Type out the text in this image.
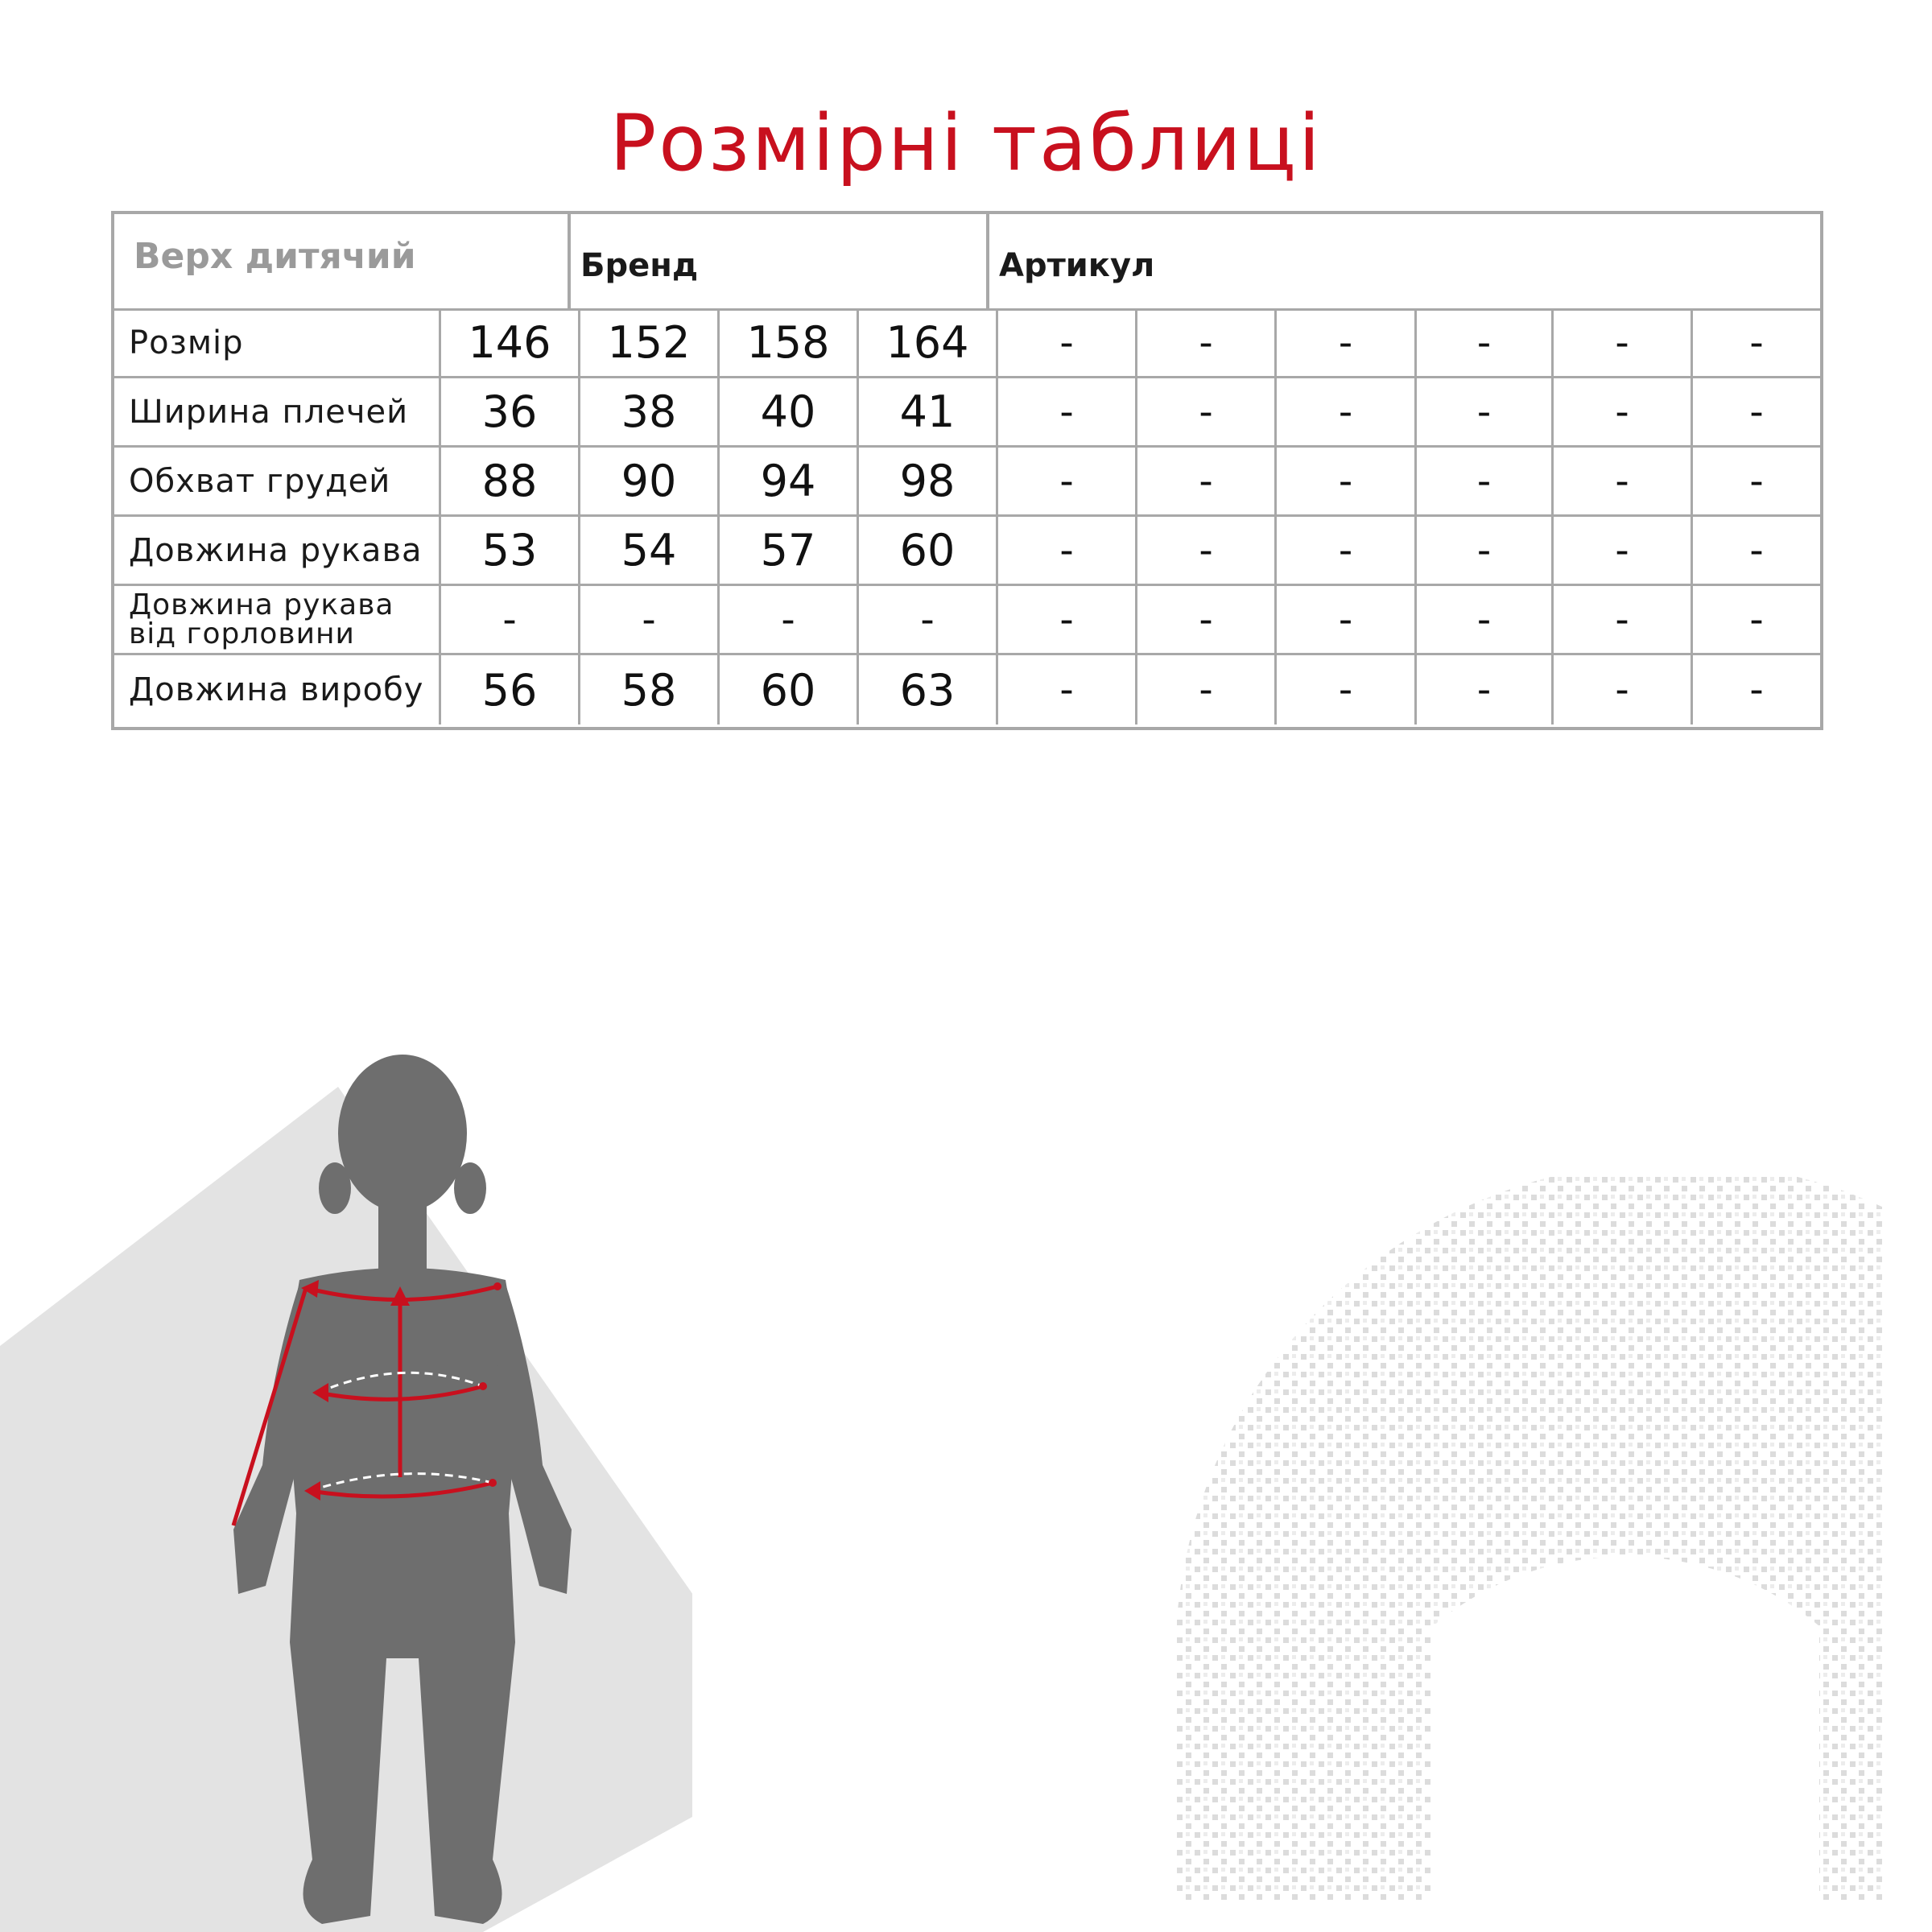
Розмірні таблиці
Верх дитячий	Бренд	Артикул
Розмір	146	152	158	164	-	-	-	-	-	-
Ширина плечей	36	38	40	41	-	-	-	-	-	-
Обхват грудей	88	90	94	98	-	-	-	-	-	-
Довжина рукава	53	54	57	60	-	-	-	-	-	-
Довжина рукава
від горловини	-	-	-	-	-	-	-	-	-	-
Довжина виробу	56	58	60	63	-	-	-	-	-	-
